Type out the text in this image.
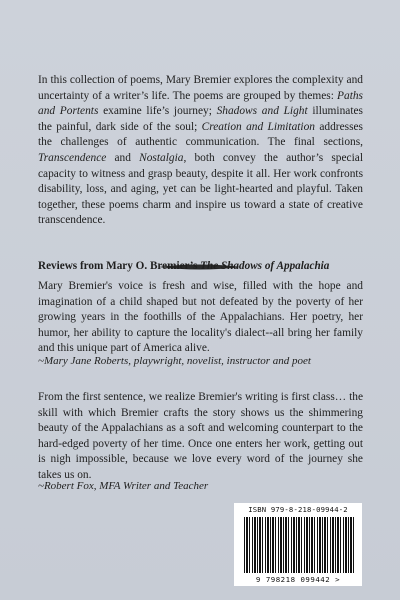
In this collection of poems, Mary Bremier explores the complexity and uncertainty of a writer’s life. The poems are grouped by themes: Paths and Portents examine life’s journey; Shadows and Light illuminates the painful, dark side of the soul; Creation and Limitation addresses the challenges of authentic communication. The final sections, Transcendence and Nostalgia, both convey the author’s special capacity to witness and grasp beauty, despite it all. Her work confronts disability, loss, and aging, yet can be light-hearted and playful. Taken together, these poems charm and inspire us toward a state of creative transcendence.

Reviews from Mary O. Bremier’s The Shadows of Appalachia

Mary Bremier's voice is fresh and wise, filled with the hope and imagination of a child shaped but not defeated by the poverty of her growing years in the foothills of the Appalachians. Her poetry, her humor, her ability to capture the locality's dialect--all bring her family and this unique part of America alive.

~Mary Jane Roberts, playwright, novelist, instructor and poet

From the first sentence, we realize Bremier's writing is first class… the skill with which Bremier crafts the story shows us the shimmering beauty of the Appalachians as a soft and welcoming counterpart to the hard-edged poverty of her time. Once one enters her work, getting out is nigh impossible, because we love every word of the journey she takes us on.

~Robert Fox, MFA Writer and Teacher

ISBN 979-8-218-09944-2
9 798218 099442 >
